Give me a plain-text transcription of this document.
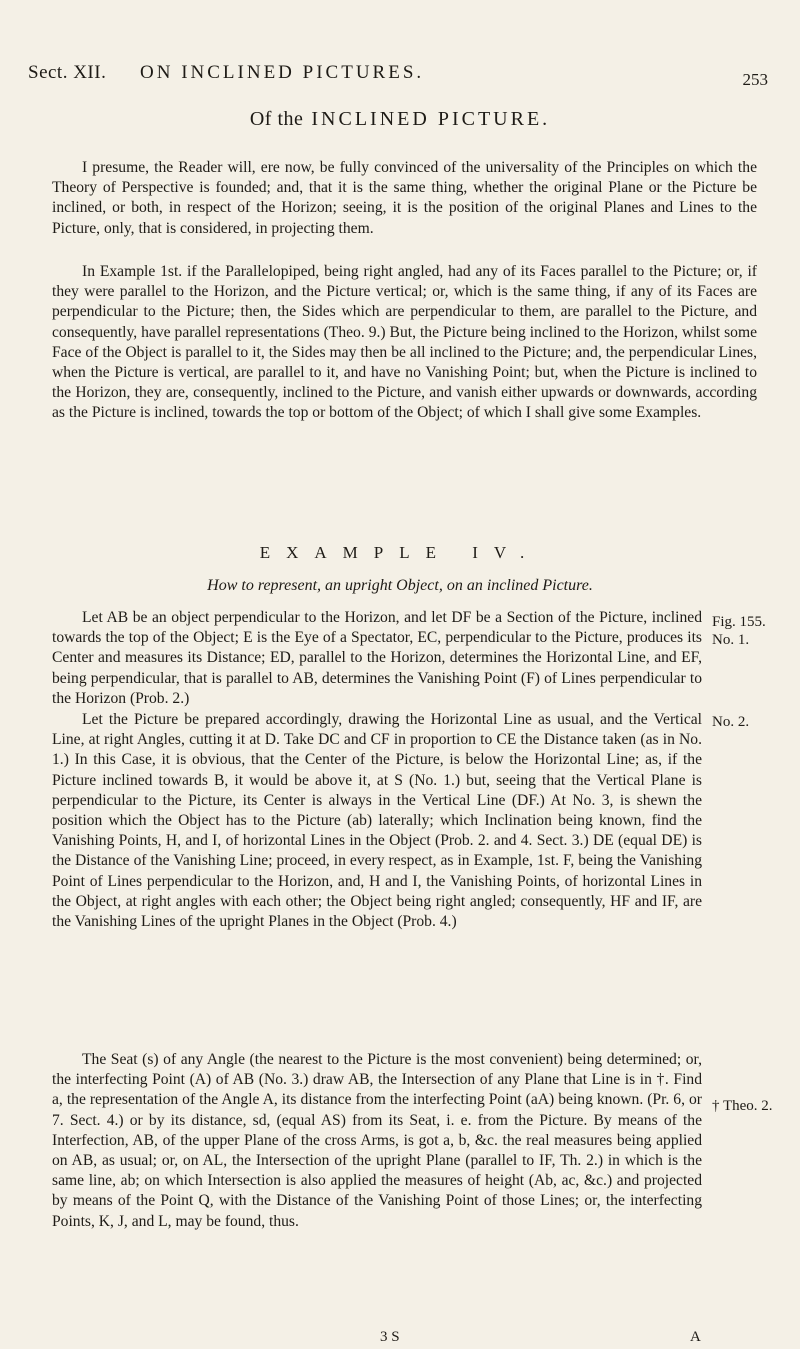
Sect. XII. ON INCLINED PICTURES.	253
Of the INCLINED PICTURE.

I presume, the Reader will, ere now, be fully convinced of the universality of the Principles on which the Theory of Perspective is founded; and, that it is the same thing, whether the original Plane or the Picture be inclined, or both, in respect of the Horizon; seeing, it is the position of the original Planes and Lines to the Picture, only, that is considered, in projecting them.

In Example 1st. if the Parallelopiped, being right angled, had any of its Faces parallel to the Picture; or, if they were parallel to the Horizon, and the Picture vertical; or, which is the same thing, if any of its Faces are perpendicular to the Picture; then, the Sides which are perpendicular to them, are parallel to the Picture, and consequently, have parallel representations (Theo. 9.) But, the Picture being inclined to the Horizon, whilst some Face of the Object is parallel to it, the Sides may then be all inclined to the Picture; and, the perpendicular Lines, when the Picture is vertical, are parallel to it, and have no Vanishing Point; but, when the Picture is inclined to the Horizon, they are, consequently, inclined to the Picture, and vanish either upwards or downwards, according as the Picture is inclined, towards the top or bottom of the Object; of which I shall give some Examples.

EXAMPLE IV.
How to represent, an upright Object, on an inclined Picture.

Let AB be an object perpendicular to the Horizon, and let DF be a Section of the Picture, inclined towards the top of the Object; E is the Eye of a Spectator, EC, perpendicular to the Picture, produces its Center and measures its Distance; ED, parallel to the Horizon, determines the Horizontal Line, and EF, being perpendicular, that is parallel to AB, determines the Vanishing Point (F) of Lines perpendicular to the Horizon (Prob. 2.)

Let the Picture be prepared accordingly, drawing the Horizontal Line as usual, and the Vertical Line, at right Angles, cutting it at D. Take DC and CF in proportion to CE the Distance taken (as in No. 1.) In this Case, it is obvious, that the Center of the Picture, is below the Horizontal Line; as, if the Picture inclined towards B, it would be above it, at S (No. 1.) but, seeing that the Vertical Plane is perpendicular to the Picture, its Center is always in the Vertical Line (DF.) At No. 3, is shewn the position which the Object has to the Picture (ab) laterally; which Inclination being known, find the Vanishing Points, H, and I, of horizontal Lines in the Object (Prob. 2. and 4. Sect. 3.) DE (equal DE) is the Distance of the Vanishing Line; proceed, in every respect, as in Example, 1st. F, being the Vanishing Point of Lines perpendicular to the Horizon, and, H and I, the Vanishing Points, of horizontal Lines in the Object, at right angles with each other; the Object being right angled; consequently, HF and IF, are the Vanishing Lines of the upright Planes in the Object (Prob. 4.)

The Seat (s) of any Angle (the nearest to the Picture is the most convenient) being determined; or, the interfecting Point (A) of AB (No. 3.) draw AB, the Intersection of any Plane that Line is in †. Find a, the representation of the Angle A, its distance from the interfecting Point (aA) being known. (Pr. 6, or 7. Sect. 4.) or by its distance, sd, (equal AS) from its Seat, i. e. from the Picture. By means of the Interfection, AB, of the upper Plane of the cross Arms, is got a, b, &c. the real measures being applied on AB, as usual; or, on AL, the Intersection of the upright Plane (parallel to IF, Th. 2.) in which is the same line, ab; on which Intersection is also applied the measures of height (Ab, ac, &c.) and projected by means of the Point Q, with the Distance of the Vanishing Point of those Lines; or, the interfecting Points, K, J, and L, may be found, thus.

Fig. 155.
No. 1.
No. 2.
† Theo. 2.
3 S	A
